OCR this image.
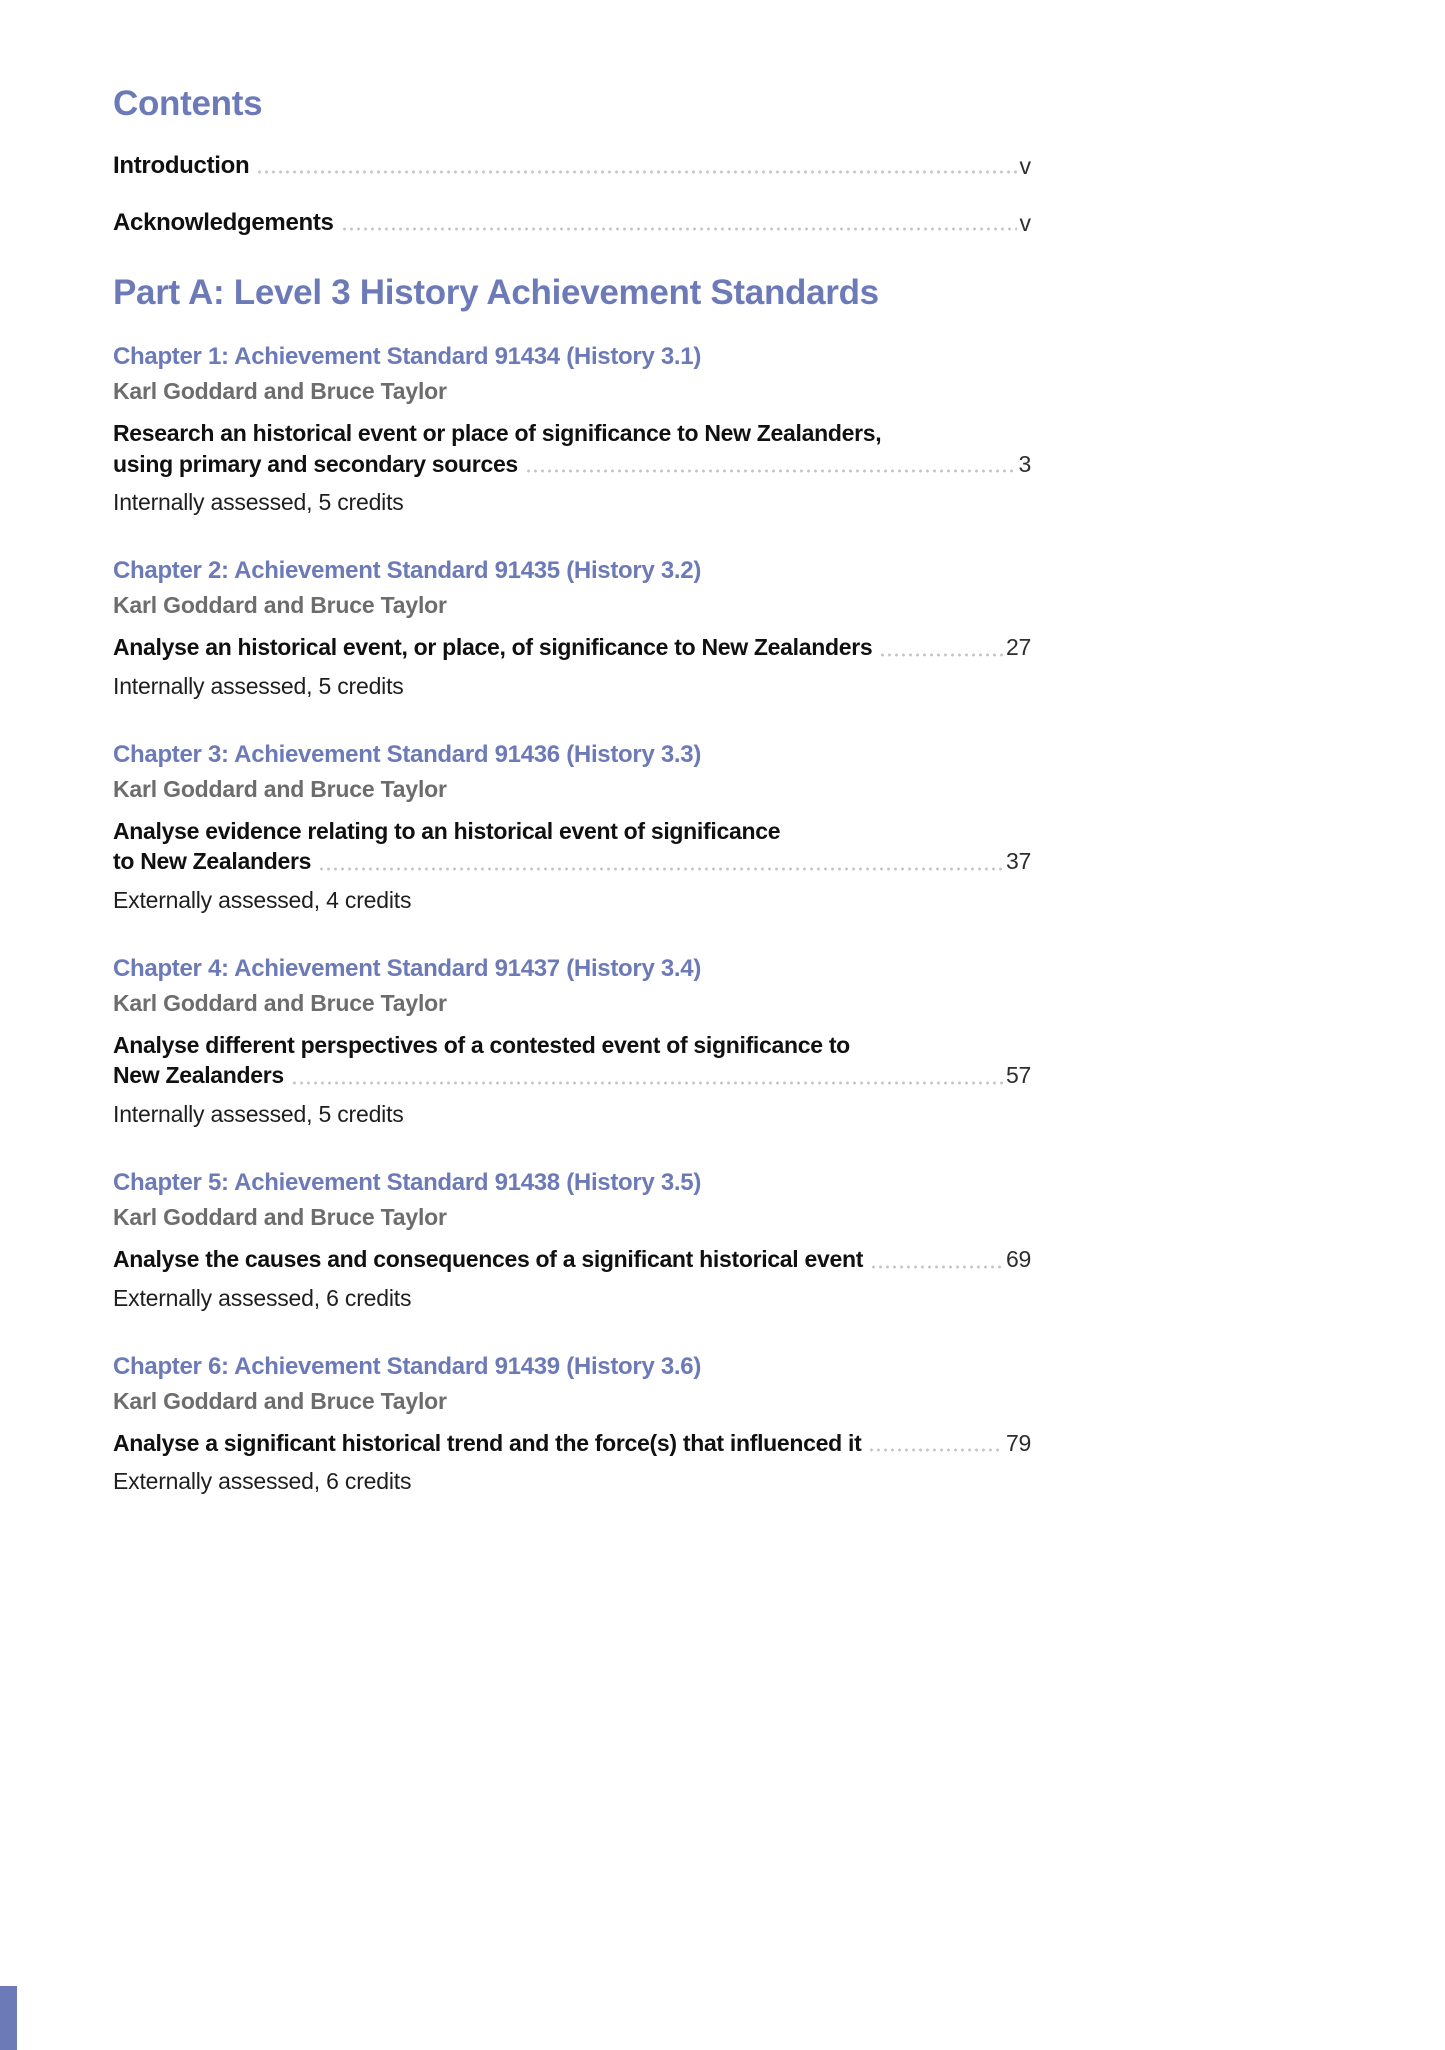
Contents
Introduction	v
Acknowledgements	v
Part A: Level 3 History Achievement Standards
Chapter 1: Achievement Standard 91434 (History 3.1)
Karl Goddard and Bruce Taylor
Research an historical event or place of significance to New Zealanders,
using primary and secondary sources	3
Internally assessed, 5 credits
Chapter 2: Achievement Standard 91435 (History 3.2)
Karl Goddard and Bruce Taylor
Analyse an historical event, or place, of significance to New Zealanders	27
Internally assessed, 5 credits
Chapter 3: Achievement Standard 91436 (History 3.3)
Karl Goddard and Bruce Taylor
Analyse evidence relating to an historical event of significance
to New Zealanders	37
Externally assessed, 4 credits
Chapter 4: Achievement Standard 91437 (History 3.4)
Karl Goddard and Bruce Taylor
Analyse different perspectives of a contested event of significance to
New Zealanders	57
Internally assessed, 5 credits
Chapter 5: Achievement Standard 91438 (History 3.5)
Karl Goddard and Bruce Taylor
Analyse the causes and consequences of a significant historical event	69
Externally assessed, 6 credits
Chapter 6: Achievement Standard 91439 (History 3.6)
Karl Goddard and Bruce Taylor
Analyse a significant historical trend and the force(s) that influenced it	79
Externally assessed, 6 credits
